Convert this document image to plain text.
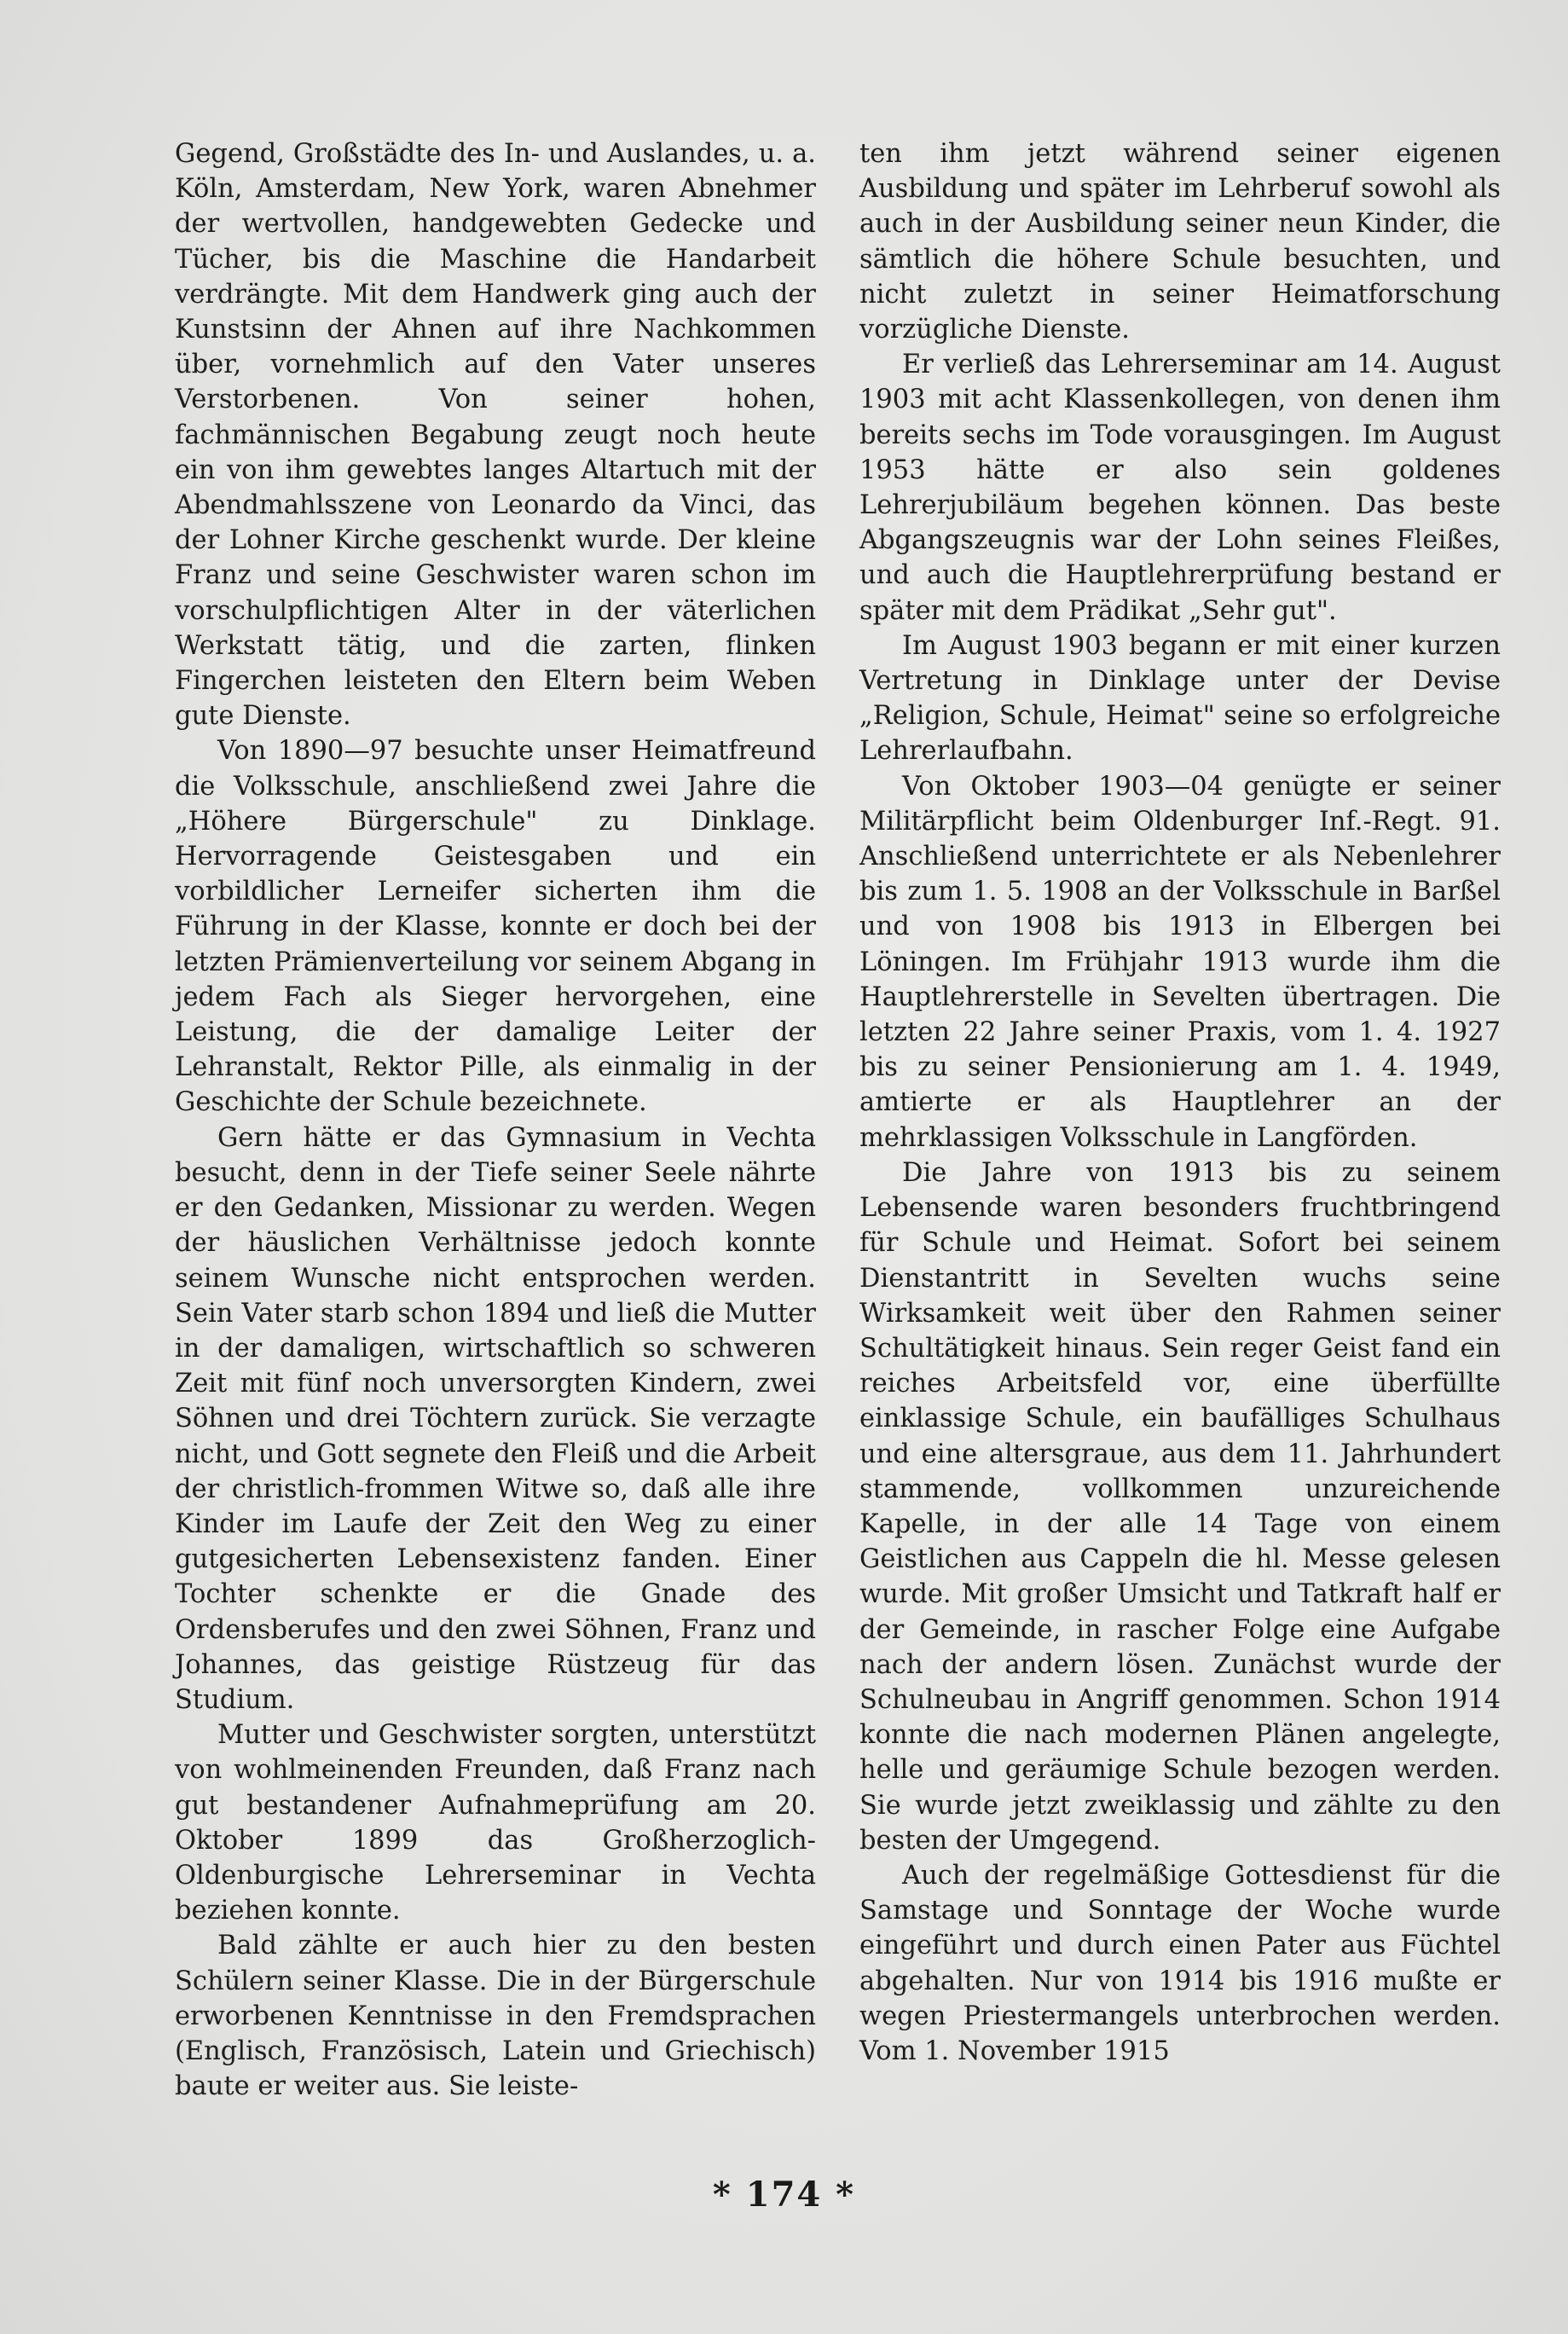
Gegend, Großstädte des In- und Auslandes, u. a. Köln, Amsterdam, New York, waren Abnehmer der wertvollen, handgewebten Gedecke und Tücher, bis die Maschine die Handarbeit verdrängte. Mit dem Handwerk ging auch der Kunstsinn der Ahnen auf ihre Nachkommen über, vornehmlich auf den Vater unseres Verstorbenen. Von seiner hohen, fachmännischen Begabung zeugt noch heute ein von ihm gewebtes langes Altartuch mit der Abendmahlsszene von Leonardo da Vinci, das der Lohner Kirche geschenkt wurde. Der kleine Franz und seine Geschwister waren schon im vorschulpflichtigen Alter in der väterlichen Werkstatt tätig, und die zarten, flinken Fingerchen leisteten den Eltern beim Weben gute Dienste.

Von 1890—97 besuchte unser Heimatfreund die Volksschule, anschließend zwei Jahre die „Höhere Bürgerschule" zu Dinklage. Hervorragende Geistesgaben und ein vorbildlicher Lerneifer sicherten ihm die Führung in der Klasse, konnte er doch bei der letzten Prämienverteilung vor seinem Abgang in jedem Fach als Sieger hervorgehen, eine Leistung, die der damalige Leiter der Lehranstalt, Rektor Pille, als einmalig in der Geschichte der Schule bezeichnete.

Gern hätte er das Gymnasium in Vechta besucht, denn in der Tiefe seiner Seele nährte er den Gedanken, Missionar zu werden. Wegen der häuslichen Verhältnisse jedoch konnte seinem Wunsche nicht entsprochen werden. Sein Vater starb schon 1894 und ließ die Mutter in der damaligen, wirtschaftlich so schweren Zeit mit fünf noch unversorgten Kindern, zwei Söhnen und drei Töchtern zurück. Sie verzagte nicht, und Gott segnete den Fleiß und die Arbeit der christlich-frommen Witwe so, daß alle ihre Kinder im Laufe der Zeit den Weg zu einer gutgesicherten Lebensexistenz fanden. Einer Tochter schenkte er die Gnade des Ordensberufes und den zwei Söhnen, Franz und Johannes, das geistige Rüstzeug für das Studium.

Mutter und Geschwister sorgten, unterstützt von wohlmeinenden Freunden, daß Franz nach gut bestandener Aufnahmeprüfung am 20. Oktober 1899 das Großherzoglich-Oldenburgische Lehrerseminar in Vechta beziehen konnte.

Bald zählte er auch hier zu den besten Schülern seiner Klasse. Die in der Bürgerschule erworbenen Kenntnisse in den Fremdsprachen (Englisch, Französisch, Latein und Griechisch) baute er weiter aus. Sie leiste-

ten ihm jetzt während seiner eigenen Ausbildung und später im Lehrberuf sowohl als auch in der Ausbildung seiner neun Kinder, die sämtlich die höhere Schule besuchten, und nicht zuletzt in seiner Heimatforschung vorzügliche Dienste.

Er verließ das Lehrerseminar am 14. August 1903 mit acht Klassenkollegen, von denen ihm bereits sechs im Tode vorausgingen. Im August 1953 hätte er also sein goldenes Lehrerjubiläum begehen können. Das beste Abgangszeugnis war der Lohn seines Fleißes, und auch die Hauptlehrerprüfung bestand er später mit dem Prädikat „Sehr gut".

Im August 1903 begann er mit einer kurzen Vertretung in Dinklage unter der Devise „Religion, Schule, Heimat" seine so erfolgreiche Lehrerlaufbahn.

Von Oktober 1903—04 genügte er seiner Militärpflicht beim Oldenburger Inf.-Regt. 91. Anschließend unterrichtete er als Nebenlehrer bis zum 1. 5. 1908 an der Volksschule in Barßel und von 1908 bis 1913 in Elbergen bei Löningen. Im Frühjahr 1913 wurde ihm die Hauptlehrerstelle in Sevelten übertragen. Die letzten 22 Jahre seiner Praxis, vom 1. 4. 1927 bis zu seiner Pensionierung am 1. 4. 1949, amtierte er als Hauptlehrer an der mehrklassigen Volksschule in Langförden.

Die Jahre von 1913 bis zu seinem Lebensende waren besonders fruchtbringend für Schule und Heimat. Sofort bei seinem Dienstantritt in Sevelten wuchs seine Wirksamkeit weit über den Rahmen seiner Schultätigkeit hinaus. Sein reger Geist fand ein reiches Arbeitsfeld vor, eine überfüllte einklassige Schule, ein baufälliges Schulhaus und eine altersgraue, aus dem 11. Jahrhundert stammende, vollkommen unzureichende Kapelle, in der alle 14 Tage von einem Geistlichen aus Cappeln die hl. Messe gelesen wurde. Mit großer Umsicht und Tatkraft half er der Gemeinde, in rascher Folge eine Aufgabe nach der andern lösen. Zunächst wurde der Schulneubau in Angriff genommen. Schon 1914 konnte die nach modernen Plänen angelegte, helle und geräumige Schule bezogen werden. Sie wurde jetzt zweiklassig und zählte zu den besten der Umgegend.

Auch der regelmäßige Gottesdienst für die Samstage und Sonntage der Woche wurde eingeführt und durch einen Pater aus Füchtel abgehalten. Nur von 1914 bis 1916 mußte er wegen Priestermangels unterbrochen werden. Vom 1. November 1915

* 174 *
